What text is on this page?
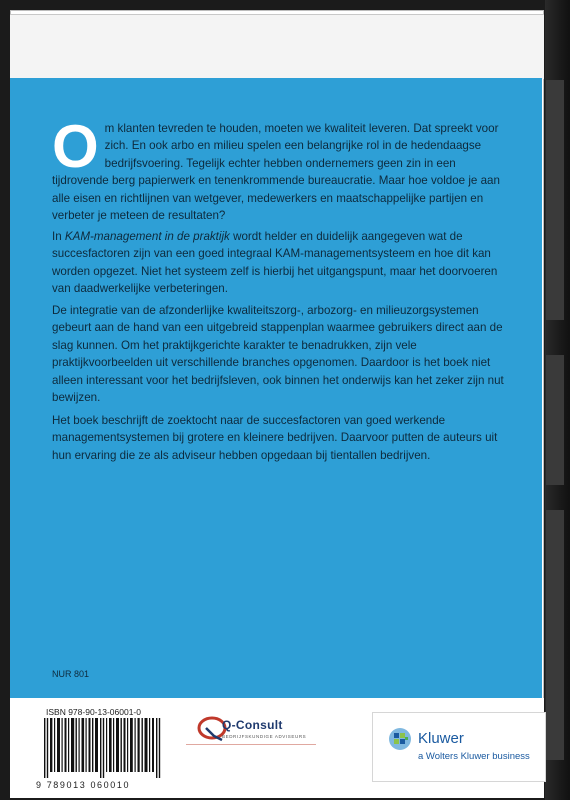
Om klanten tevreden te houden, moeten we kwaliteit leveren. Dat spreekt voor zich. En ook arbo en milieu spelen een belangrijke rol in de hedendaagse bedrijfsvoering. Tegelijk echter hebben ondernemers geen zin in een tijdrovende berg papierwerk en tenenkrommende bureaucratie. Maar hoe voldoe je aan alle eisen en richtlijnen van wetgever, medewerkers en maatschappelijke partijen en verbeter je meteen de resultaten?

In KAM-management in de praktijk wordt helder en duidelijk aangegeven wat de succesfactoren zijn van een goed integraal KAM-managementsysteem en hoe dit kan worden opgezet. Niet het systeem zelf is hierbij het uitgangspunt, maar het doorvoeren van daadwerkelijke verbeteringen.

De integratie van de afzonderlijke kwaliteitszorg-, arbozorg- en milieuzorgsystemen gebeurt aan de hand van een uitgebreid stappenplan waarmee gebruikers direct aan de slag kunnen. Om het praktijkgerichte karakter te benadrukken, zijn vele praktijkvoorbeelden uit verschillende branches opgenomen. Daardoor is het boek niet alleen interessant voor het bedrijfsleven, ook binnen het onderwijs kan het zeker zijn nut bewijzen.

Het boek beschrijft de zoektocht naar de succesfactoren van goed werkende managementsystemen bij grotere en kleinere bedrijven. Daarvoor putten de auteurs uit hun ervaring die ze als adviseur hebben opgedaan bij tientallen bedrijven.

NUR 801
ISBN 978-90-13-06001-0
9 789013 060010
Q-Consult
BEDRIJFSKUNDIGE ADVISEURS	Kluwer
a Wolters Kluwer business
